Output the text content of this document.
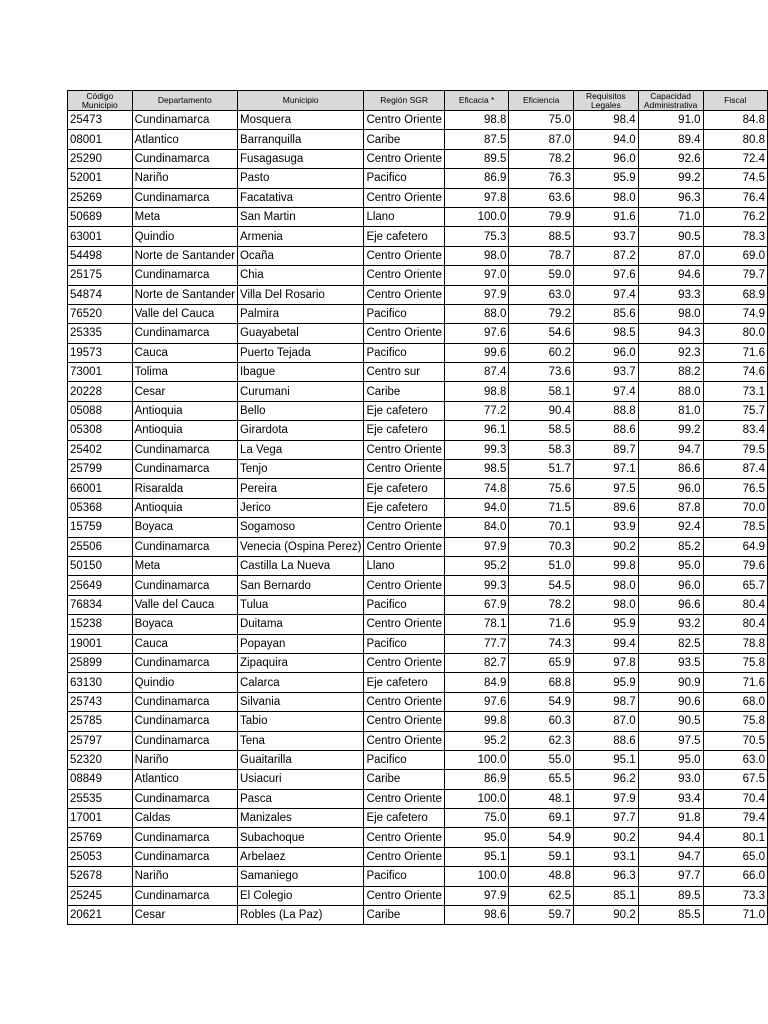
Código Municipio	Departamento	Municipio	Región SGR	Eficacia *	Eficiencia	Requisitos Legales	Capacidad Administrativa	Fiscal
25473	Cundinamarca	Mosquera	Centro Oriente	98.8	75.0	98.4	91.0	84.8
08001	Atlantico	Barranquilla	Caribe	87.5	87.0	94.0	89.4	80.8
25290	Cundinamarca	Fusagasuga	Centro Oriente	89.5	78.2	96.0	92.6	72.4
52001	Nariño	Pasto	Pacifico	86.9	76.3	95.9	99.2	74.5
25269	Cundinamarca	Facatativa	Centro Oriente	97.8	63.6	98.0	96.3	76.4
50689	Meta	San Martin	Llano	100.0	79.9	91.6	71.0	76.2
63001	Quindio	Armenia	Eje cafetero	75.3	88.5	93.7	90.5	78.3
54498	Norte de Santander	Ocaña	Centro Oriente	98.0	78.7	87.2	87.0	69.0
25175	Cundinamarca	Chia	Centro Oriente	97.0	59.0	97.6	94.6	79.7
54874	Norte de Santander	Villa Del Rosario	Centro Oriente	97.9	63.0	97.4	93.3	68.9
76520	Valle del Cauca	Palmira	Pacifico	88.0	79.2	85.6	98.0	74.9
25335	Cundinamarca	Guayabetal	Centro Oriente	97.6	54.6	98.5	94.3	80.0
19573	Cauca	Puerto Tejada	Pacifico	99.6	60.2	96.0	92.3	71.6
73001	Tolima	Ibague	Centro sur	87.4	73.6	93.7	88.2	74.6
20228	Cesar	Curumani	Caribe	98.8	58.1	97.4	88.0	73.1
05088	Antioquia	Bello	Eje cafetero	77.2	90.4	88.8	81.0	75.7
05308	Antioquia	Girardota	Eje cafetero	96.1	58.5	88.6	99.2	83.4
25402	Cundinamarca	La Vega	Centro Oriente	99.3	58.3	89.7	94.7	79.5
25799	Cundinamarca	Tenjo	Centro Oriente	98.5	51.7	97.1	86.6	87.4
66001	Risaralda	Pereira	Eje cafetero	74.8	75.6	97.5	96.0	76.5
05368	Antioquia	Jerico	Eje cafetero	94.0	71.5	89.6	87.8	70.0
15759	Boyaca	Sogamoso	Centro Oriente	84.0	70.1	93.9	92.4	78.5
25506	Cundinamarca	Venecia (Ospina Perez)	Centro Oriente	97.9	70.3	90.2	85.2	64.9
50150	Meta	Castilla La Nueva	Llano	95.2	51.0	99.8	95.0	79.6
25649	Cundinamarca	San Bernardo	Centro Oriente	99.3	54.5	98.0	96.0	65.7
76834	Valle del Cauca	Tulua	Pacifico	67.9	78.2	98.0	96.6	80.4
15238	Boyaca	Duitama	Centro Oriente	78.1	71.6	95.9	93.2	80.4
19001	Cauca	Popayan	Pacifico	77.7	74.3	99.4	82.5	78.8
25899	Cundinamarca	Zipaquira	Centro Oriente	82.7	65.9	97.8	93.5	75.8
63130	Quindio	Calarca	Eje cafetero	84.9	68.8	95.9	90.9	71.6
25743	Cundinamarca	Silvania	Centro Oriente	97.6	54.9	98.7	90.6	68.0
25785	Cundinamarca	Tabio	Centro Oriente	99.8	60.3	87.0	90.5	75.8
25797	Cundinamarca	Tena	Centro Oriente	95.2	62.3	88.6	97.5	70.5
52320	Nariño	Guaitarilla	Pacifico	100.0	55.0	95.1	95.0	63.0
08849	Atlantico	Usiacuri	Caribe	86.9	65.5	96.2	93.0	67.5
25535	Cundinamarca	Pasca	Centro Oriente	100.0	48.1	97.9	93.4	70.4
17001	Caldas	Manizales	Eje cafetero	75.0	69.1	97.7	91.8	79.4
25769	Cundinamarca	Subachoque	Centro Oriente	95.0	54.9	90.2	94.4	80.1
25053	Cundinamarca	Arbelaez	Centro Oriente	95.1	59.1	93.1	94.7	65.0
52678	Nariño	Samaniego	Pacifico	100.0	48.8	96.3	97.7	66.0
25245	Cundinamarca	El Colegio	Centro Oriente	97.9	62.5	85.1	89.5	73.3
20621	Cesar	Robles (La Paz)	Caribe	98.6	59.7	90.2	85.5	71.0
